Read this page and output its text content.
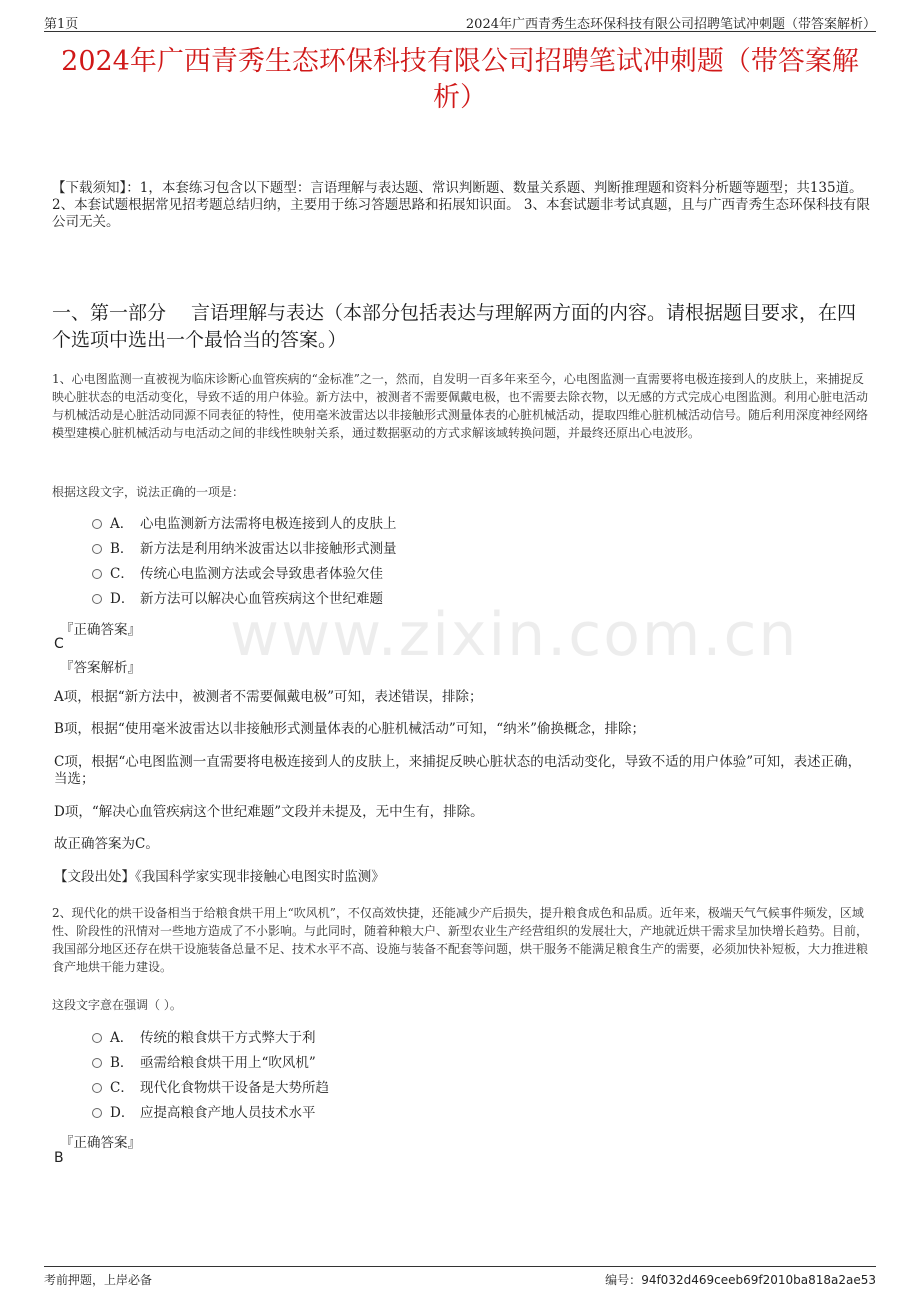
第1页	2024年广西青秀生态环保科技有限公司招聘笔试冲刺题（带答案解析）
2024年广西青秀生态环保科技有限公司招聘笔试冲刺题（带答案解析）
【下载须知】：1，本套练习包含以下题型：言语理解与表达题、常识判断题、数量关系题、判断推理题和资料分析题等题型；共135道。 2、本套试题根据常见招考题总结归纳，主要用于练习答题思路和拓展知识面。 3、本套试题非考试真题，且与广西青秀生态环保科技有限公司无关。
一、第一部分　 言语理解与表达（本部分包括表达与理解两方面的内容。请根据题目要求，在四个选项中选出一个最恰当的答案。）
www.zixin.com.cn
1、心电图监测一直被视为临床诊断心血管疾病的“金标准”之一，然而，自发明一百多年来至今，心电图监测一直需要将电极连接到人的皮肤上，来捕捉反映心脏状态的电活动变化，导致不适的用户体验。新方法中，被测者不需要佩戴电极，也不需要去除衣物，以无感的方式完成心电图监测。利用心脏电活动与机械活动是心脏活动同源不同表征的特性，使用毫米波雷达以非接触形式测量体表的心脏机械活动，提取四维心脏机械活动信号。随后利用深度神经网络模型建模心脏机械活动与电活动之间的非线性映射关系，通过数据驱动的方式求解该域转换问题，并最终还原出心电波形。
根据这段文字，说法正确的一项是：
A． 心电监测新方法需将电极连接到人的皮肤上
B． 新方法是利用纳米波雷达以非接触形式测量
C． 传统心电监测方法或会导致患者体验欠佳
D． 新方法可以解决心血管疾病这个世纪难题
『正确答案』
C
『答案解析』
A项，根据“新方法中，被测者不需要佩戴电极”可知，表述错误，排除；
B项，根据“使用毫米波雷达以非接触形式测量体表的心脏机械活动”可知，“纳米”偷换概念，排除；
C项，根据“心电图监测一直需要将电极连接到人的皮肤上，来捕捉反映心脏状态的电活动变化，导致不适的用户体验”可知，表述正确，当选；
D项，“解决心血管疾病这个世纪难题”文段并未提及，无中生有，排除。
故正确答案为C。
【文段出处】《我国科学家实现非接触心电图实时监测》
2、现代化的烘干设备相当于给粮食烘干用上“吹风机”，不仅高效快捷，还能减少产后损失，提升粮食成色和品质。近年来，极端天气气候事件频发，区域性、阶段性的汛情对一些地方造成了不小影响。与此同时，随着种粮大户、新型农业生产经营组织的发展壮大，产地就近烘干需求呈加快增长趋势。目前，我国部分地区还存在烘干设施装备总量不足、技术水平不高、设施与装备不配套等问题，烘干服务不能满足粮食生产的需要，必须加快补短板，大力推进粮食产地烘干能力建设。
这段文字意在强调（ ）。
A． 传统的粮食烘干方式弊大于利
B． 亟需给粮食烘干用上“吹风机”
C． 现代化食物烘干设备是大势所趋
D． 应提高粮食产地人员技术水平
『正确答案』
B
考前押题，上岸必备	编号：94f032d469ceeb69f2010ba818a2ae53
